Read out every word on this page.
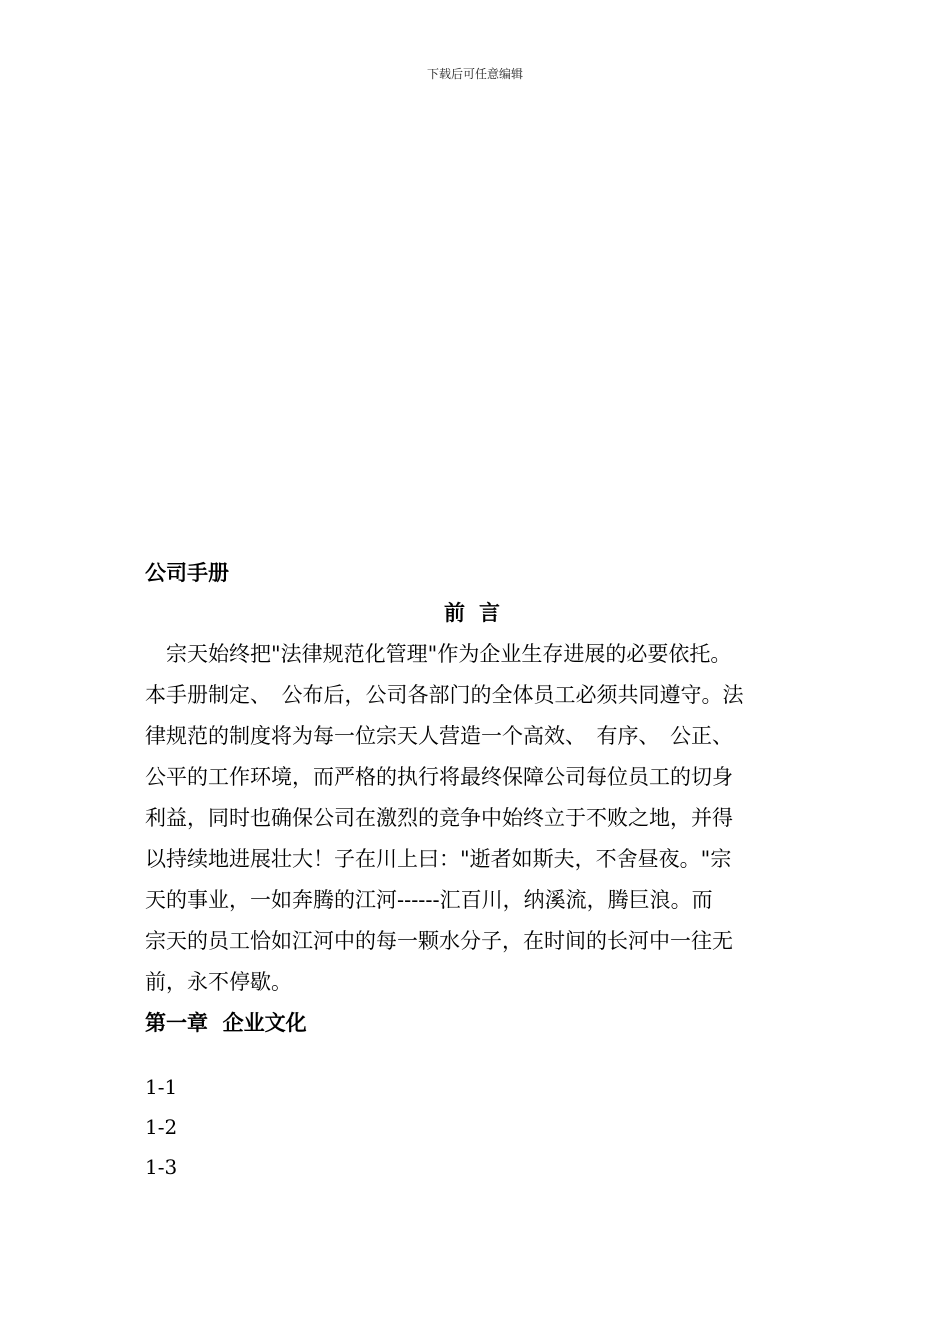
下载后可任意编辑
公司手册
前言
　宗天始终把"法律规范化管理"作为企业生存进展的必要依托。
本手册制定、　公布后，公司各部门的全体员工必须共同遵守。法
律规范的制度将为每一位宗天人营造一个高效、　有序、　公正、
公平的工作环境，而严格的执行将最终保障公司每位员工的切身
利益，同时也确保公司在激烈的竞争中始终立于不败之地，并得
以持续地进展壮大！子在川上曰："逝者如斯夫，不舍昼夜。"宗
天的事业，一如奔腾的江河------汇百川，纳溪流，腾巨浪。而
宗天的员工恰如江河中的每一颗水分子，在时间的长河中一往无
前，永不停歇。
第一章  企业文化
1-1
1-2
1-3
